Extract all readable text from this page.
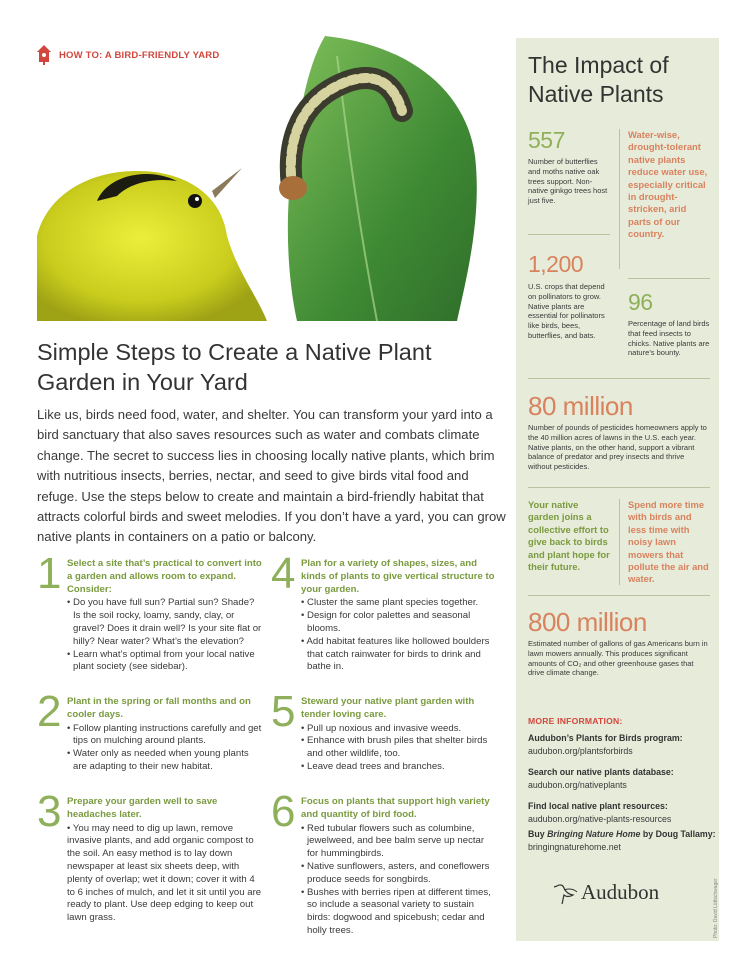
HOW TO: A BIRD-FRIENDLY YARD
Simple Steps to Create a Native Plant Garden in Your Yard

Like us, birds need food, water, and shelter. You can transform your yard into a bird sanctuary that also saves resources such as water and combats climate change. The secret to success lies in choosing locally native plants, which brim with nutritious insects, berries, nectar, and seed to give birds vital food and refuge. Use the steps below to create and maintain a bird-friendly habitat that attracts colorful birds and sweet melodies. If you don’t have a yard, you can grow native plants in containers on a patio or balcony.

1 Select a site that’s practical to convert into a garden and allows room to expand. Consider:
• Do you have full sun? Partial sun? Shade? Is the soil rocky, loamy, sandy, clay, or gravel? Does it drain well? Is your site flat or hilly? Near water? What’s the elevation?
• Learn what’s optimal from your local native plant society (see sidebar).
2 Plant in the spring or fall months and on cooler days.
• Follow planting instructions carefully and get tips on mulching around plants.
• Water only as needed when young plants are adapting to their new habitat.
3 Prepare your garden well to save headaches later.
• You may need to dig up lawn, remove invasive plants, and add organic compost to the soil. An easy method is to lay down newspaper at least six sheets deep, with plenty of overlap; wet it down; cover it with 4 to 6 inches of mulch, and let it sit until you are ready to plant. Use deep edging to keep out lawn grass.
4 Plan for a variety of shapes, sizes, and kinds of plants to give vertical structure to your garden.
• Cluster the same plant species together.
• Design for color palettes and seasonal blooms.
• Add habitat features like hollowed boulders that catch rainwater for birds to drink and bathe in.
5 Steward your native plant garden with tender loving care.
• Pull up noxious and invasive weeds.
• Enhance with brush piles that shelter birds and other wildlife, too.
• Leave dead trees and branches.
6 Focus on plants that support high variety and quantity of bird food.
• Red tubular flowers such as columbine, jewelweed, and bee balm serve up nectar for hummingbirds.
• Native sunflowers, asters, and coneflowers produce seeds for songbirds.
• Bushes with berries ripen at different times, so include a seasonal variety to sustain birds: dogwood and spicebush; cedar and holly trees.
The Impact of Native Plants
557
Number of butterflies and moths native oak trees support. Non-native ginkgo trees host just five.
Water-wise, drought-tolerant native plants reduce water use, especially critical in drought-stricken, arid parts of our country.
1,200
U.S. crops that depend on pollinators to grow. Native plants are essential for pollinators like birds, bees, butterflies, and bats.
96
Percentage of land birds that feed insects to chicks. Native plants are nature’s bounty.
80 million
Number of pounds of pesticides homeowners apply to the 40 million acres of lawns in the U.S. each year. Native plants, on the other hand, support a vibrant balance of predator and prey insects and thrive without pesticides.
Your native garden joins a collective effort to give back to birds and plant hope for their future.
Spend more time with birds and less time with noisy lawn mowers that pollute the air and water.
800 million
Estimated number of gallons of gas Americans burn in lawn mowers annually. This produces significant amounts of CO₂ and other greenhouse gases that drive climate change.
MORE INFORMATION:
Audubon’s Plants for Birds program:
audubon.org/plantsforbirds
Search our native plants database:
audubon.org/nativeplants
Find local native plant resources:
audubon.org/native-plants-resources
Buy Bringing Nature Home by Doug Tallamy: bringingnaturehome.net
Audubon	Photo: David Lüttschwager
